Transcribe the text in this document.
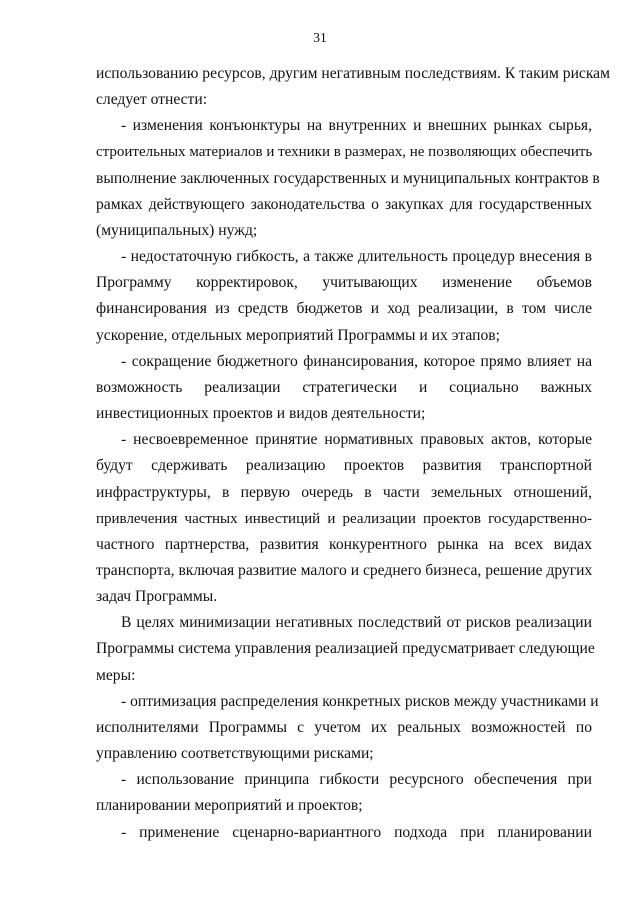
31
использованию ресурсов, другим негативным последствиям. К таким рискам
следует отнести:
- изменения конъюнктуры на внутренних и внешних рынках сырья,
строительных материалов и техники в размерах, не позволяющих обеспечить
выполнение заключенных государственных и муниципальных контрактов в
рамках действующего законодательства о закупках для государственных
(муниципальных) нужд;
- недостаточную гибкость, а также длительность процедур внесения в
Программу корректировок, учитывающих изменение объемов
финансирования из средств бюджетов и ход реализации, в том числе
ускорение, отдельных мероприятий Программы и их этапов;
- сокращение бюджетного финансирования, которое прямо влияет на
возможность реализации стратегически и социально важных
инвестиционных проектов и видов деятельности;
- несвоевременное принятие нормативных правовых актов, которые
будут сдерживать реализацию проектов развития транспортной
инфраструктуры, в первую очередь в части земельных отношений,
привлечения частных инвестиций и реализации проектов государственно-
частного партнерства, развития конкурентного рынка на всех видах
транспорта, включая развитие малого и среднего бизнеса, решение других
задач Программы.
В целях минимизации негативных последствий от рисков реализации
Программы система управления реализацией предусматривает следующие
меры:
- оптимизация распределения конкретных рисков между участниками и
исполнителями Программы с учетом их реальных возможностей по
управлению соответствующими рисками;
- использование принципа гибкости ресурсного обеспечения при
планировании мероприятий и проектов;
- применение сценарно-вариантного подхода при планировании
